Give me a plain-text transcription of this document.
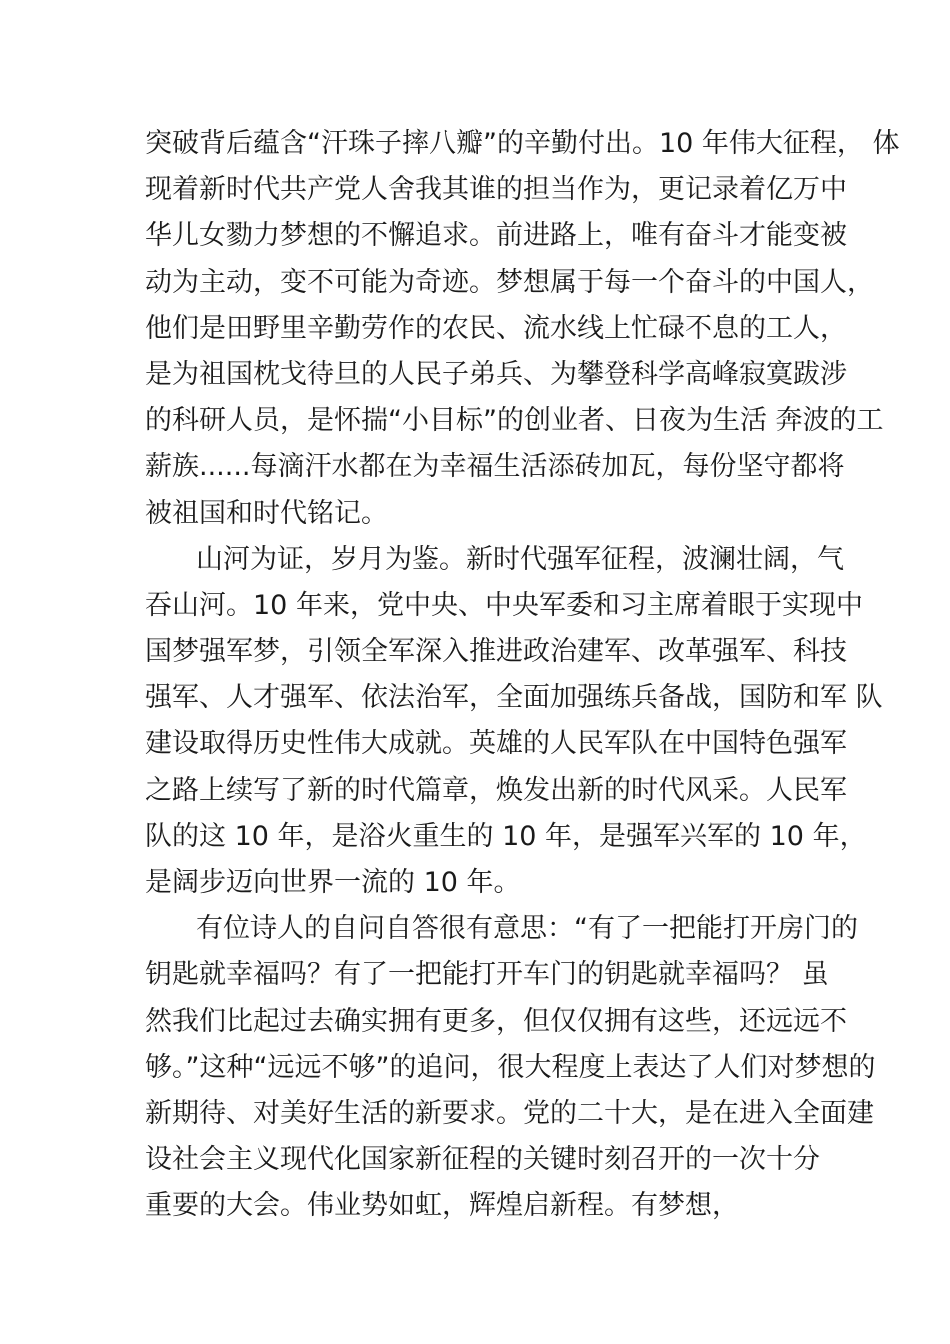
突破背后蕴含“汗珠子摔八瓣”的辛勤付出。10 年伟大征程， 体

现着新时代共产党人舍我其谁的担当作为，更记录着亿万中

华儿女勠力梦想的不懈追求。前进路上，唯有奋斗才能变被

动为主动，变不可能为奇迹。梦想属于每一个奋斗的中国人，

他们是田野里辛勤劳作的农民、流水线上忙碌不息的工人，

是为祖国枕戈待旦的人民子弟兵、为攀登科学高峰寂寞跋涉

的科研人员，是怀揣“小目标”的创业者、日夜为生活 奔波的工

薪族......每滴汗水都在为幸福生活添砖加瓦，每份坚守都将

被祖国和时代铭记。

山河为证，岁月为鉴。新时代强军征程，波澜壮阔，气

吞山河。10 年来，党中央、中央军委和习主席着眼于实现中

国梦强军梦，引领全军深入推进政治建军、改革强军、科技

强军、人才强军、依法治军，全面加强练兵备战，国防和军 队

建设取得历史性伟大成就。英雄的人民军队在中国特色强军

之路上续写了新的时代篇章，焕发出新的时代风采。人民军

队的这 10 年，是浴火重生的 10 年，是强军兴军的 10 年，

是阔步迈向世界一流的 10 年。

有位诗人的自问自答很有意思：“有了一把能打开房门的

钥匙就幸福吗？有了一把能打开车门的钥匙就幸福吗？ 虽

然我们比起过去确实拥有更多，但仅仅拥有这些，还远远不

够。”这种“远远不够”的追问，很大程度上表达了人们对梦想的

新期待、对美好生活的新要求。党的二十大，是在进入全面建

设社会主义现代化国家新征程的关键时刻召开的一次十分

重要的大会。伟业势如虹，辉煌启新程。有梦想，
